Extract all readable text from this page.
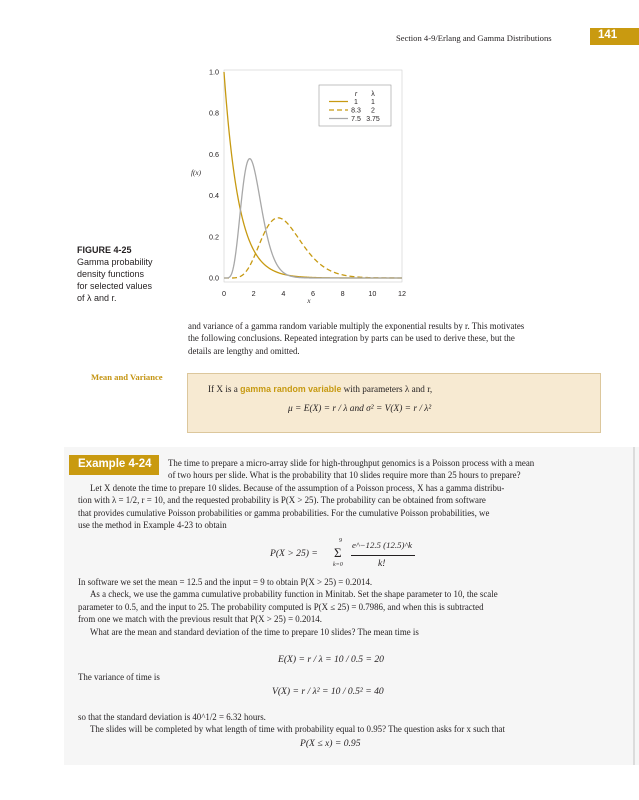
Section 4-9/Erlang and Gamma Distributions	141
0.0
0.2
0.4
0.6
0.8
1.0
0	2	4	6	8	10	12
f(x)
x
r λ
1 1
8.3 2
7.5 3.75
FIGURE 4-25
Gamma probability
density functions
for selected values
of λ and r.
and variance of a gamma random variable multiply the exponential results by r. This motivates
the following conclusions. Repeated integration by parts can be used to derive these, but the
details are lengthy and omitted.
Mean and Variance
If X is a gamma random variable with parameters λ and r,
μ = E(X) = r / λ and σ² = V(X) = r / λ²
Example 4-24 The time to prepare a micro-array slide for high-throughput genomics is a Poisson process with a mean
of two hours per slide. What is the probability that 10 slides require more than 25 hours to prepare?
Let X denote the time to prepare 10 slides. Because of the assumption of a Poisson process, X has a gamma distribu-
tion with λ = 1/2, r = 10, and the requested probability is P(X > 25). The probability can be obtained from software
that provides cumulative Poisson probabilities or gamma probabilities. For the cumulative Poisson probabilities, we
use the method in Example 4-23 to obtain
P(X > 25) =
9
Σ
k=0
e^−12.5 (12.5)^k
k!
In software we set the mean = 12.5 and the input = 9 to obtain P(X > 25) = 0.2014.
As a check, we use the gamma cumulative probability function in Minitab. Set the shape parameter to 10, the scale
parameter to 0.5, and the input to 25. The probability computed is P(X ≤ 25) = 0.7986, and when this is subtracted
from one we match with the previous result that P(X > 25) = 0.2014.
What are the mean and standard deviation of the time to prepare 10 slides? The mean time is
E(X) = r / λ = 10 / 0.5 = 20
The variance of time is
V(X) = r / λ² = 10 / 0.5² = 40
so that the standard deviation is 40^1/2 = 6.32 hours.
The slides will be completed by what length of time with probability equal to 0.95? The question asks for x such that
P(X ≤ x) = 0.95
